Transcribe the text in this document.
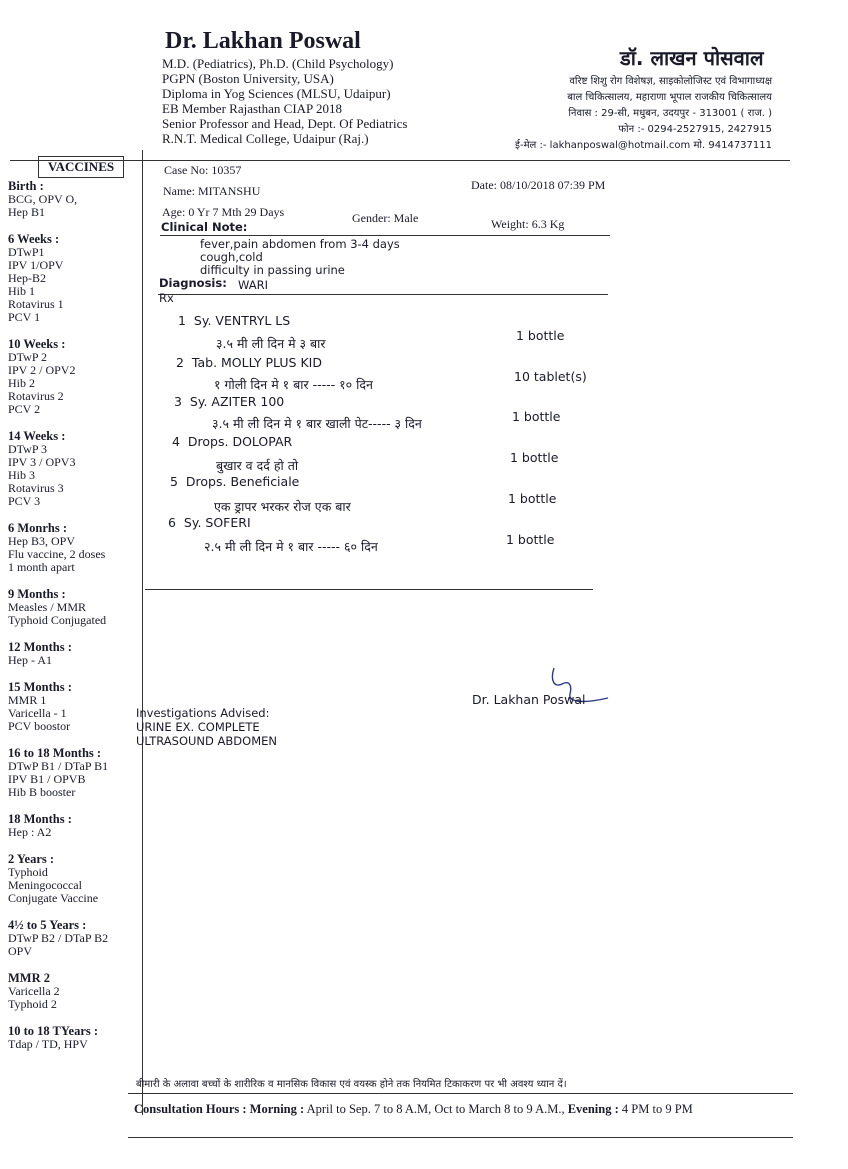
Dr. Lakhan Poswal
M.D. (Pediatrics), Ph.D. (Child Psychology)
PGPN (Boston University, USA)
Diploma in Yog Sciences (MLSU, Udaipur)
EB Member Rajasthan CIAP 2018
Senior Professor and Head, Dept. Of Pediatrics
R.N.T. Medical College, Udaipur (Raj.)
डॉ. लाखन पोसवाल
वरिष्ट शिशु रोग विशेषज्ञ, साइकोलोजिस्ट एवं विभागाध्यक्ष
बाल चिकित्सालय, महाराणा भूपाल राजकीय चिकित्सालय
निवास : 29-सी, मधुबन, उदयपुर - 313001 ( राज. )
फोन :- 0294-2527915, 2427915
ई-मेल :- lakhanposwal@hotmail.com मो. 9414737111
VACCINES
Birth :
BCG, OPV O,
Hep B1
6 Weeks :
DTwP1
IPV 1/OPV
Hep-B2
Hib 1
Rotavirus 1
PCV 1
10 Weeks :
DTwP 2
IPV 2 / OPV2
Hib 2
Rotavirus 2
PCV 2
14 Weeks :
DTwP 3
IPV 3 / OPV3
Hib 3
Rotavirus 3
PCV 3
6 Monrhs :
Hep B3, OPV
Flu vaccine, 2 doses
1 month apart
9 Months :
Measles / MMR
Typhoid Conjugated
12 Months :
Hep - A1
15 Months :
MMR 1
Varicella - 1
PCV boostor
16 to 18 Months :
DTwP B1 / DTaP B1
IPV B1 / OPVB
Hib B booster
18 Months :
Hep : A2
2 Years :
Typhoid
Meningococcal
Conjugate Vaccine
4½ to 5 Years :
DTwP B2 / DTaP B2
OPV
MMR 2
Varicella 2
Typhoid 2
10 to 18 TYears :
Tdap / TD, HPV
Case No: 10357
Date: 08/10/2018 07:39 PM
Name: MITANSHU
Age: 0 Yr 7 Mth 29 Days	Gender: Male	Weight: 6.3 Kg
Clinical Note:
fever,pain abdomen from 3-4 days
cough,cold
difficulty in passing urine
Diagnosis: WARI
Rx
1 Sy. VENTRYL LS
३.५ मी ली दिन मे ३ बार
1 bottle
2 Tab. MOLLY PLUS KID
१ गोली दिन मे १ बार ----- १० दिन
10 tablet(s)
3 Sy. AZITER 100
३.५ मी ली दिन मे १ बार खाली पेट----- ३ दिन	1 bottle
4 Drops. DOLOPAR
बुखार व दर्द हो तो
1 bottle
5 Drops. Beneficiale
एक ड्रापर भरकर रोज एक बार
1 bottle
6 Sy. SOFERI
२.५ मी ली दिन मे १ बार ----- ६० दिन	1 bottle
Dr. Lakhan Poswal
Investigations Advised:
URINE EX. COMPLETE
ULTRASOUND ABDOMEN
बीमारी के अलावा बच्चों के शारीरिक व मानसिक विकास एवं वयस्क होने तक नियमित टिकाकरण पर भी अवश्य ध्यान दें।
Consultation Hours : Morning : April to Sep. 7 to 8 A.M, Oct to March 8 to 9 A.M., Evening : 4 PM to 9 PM
